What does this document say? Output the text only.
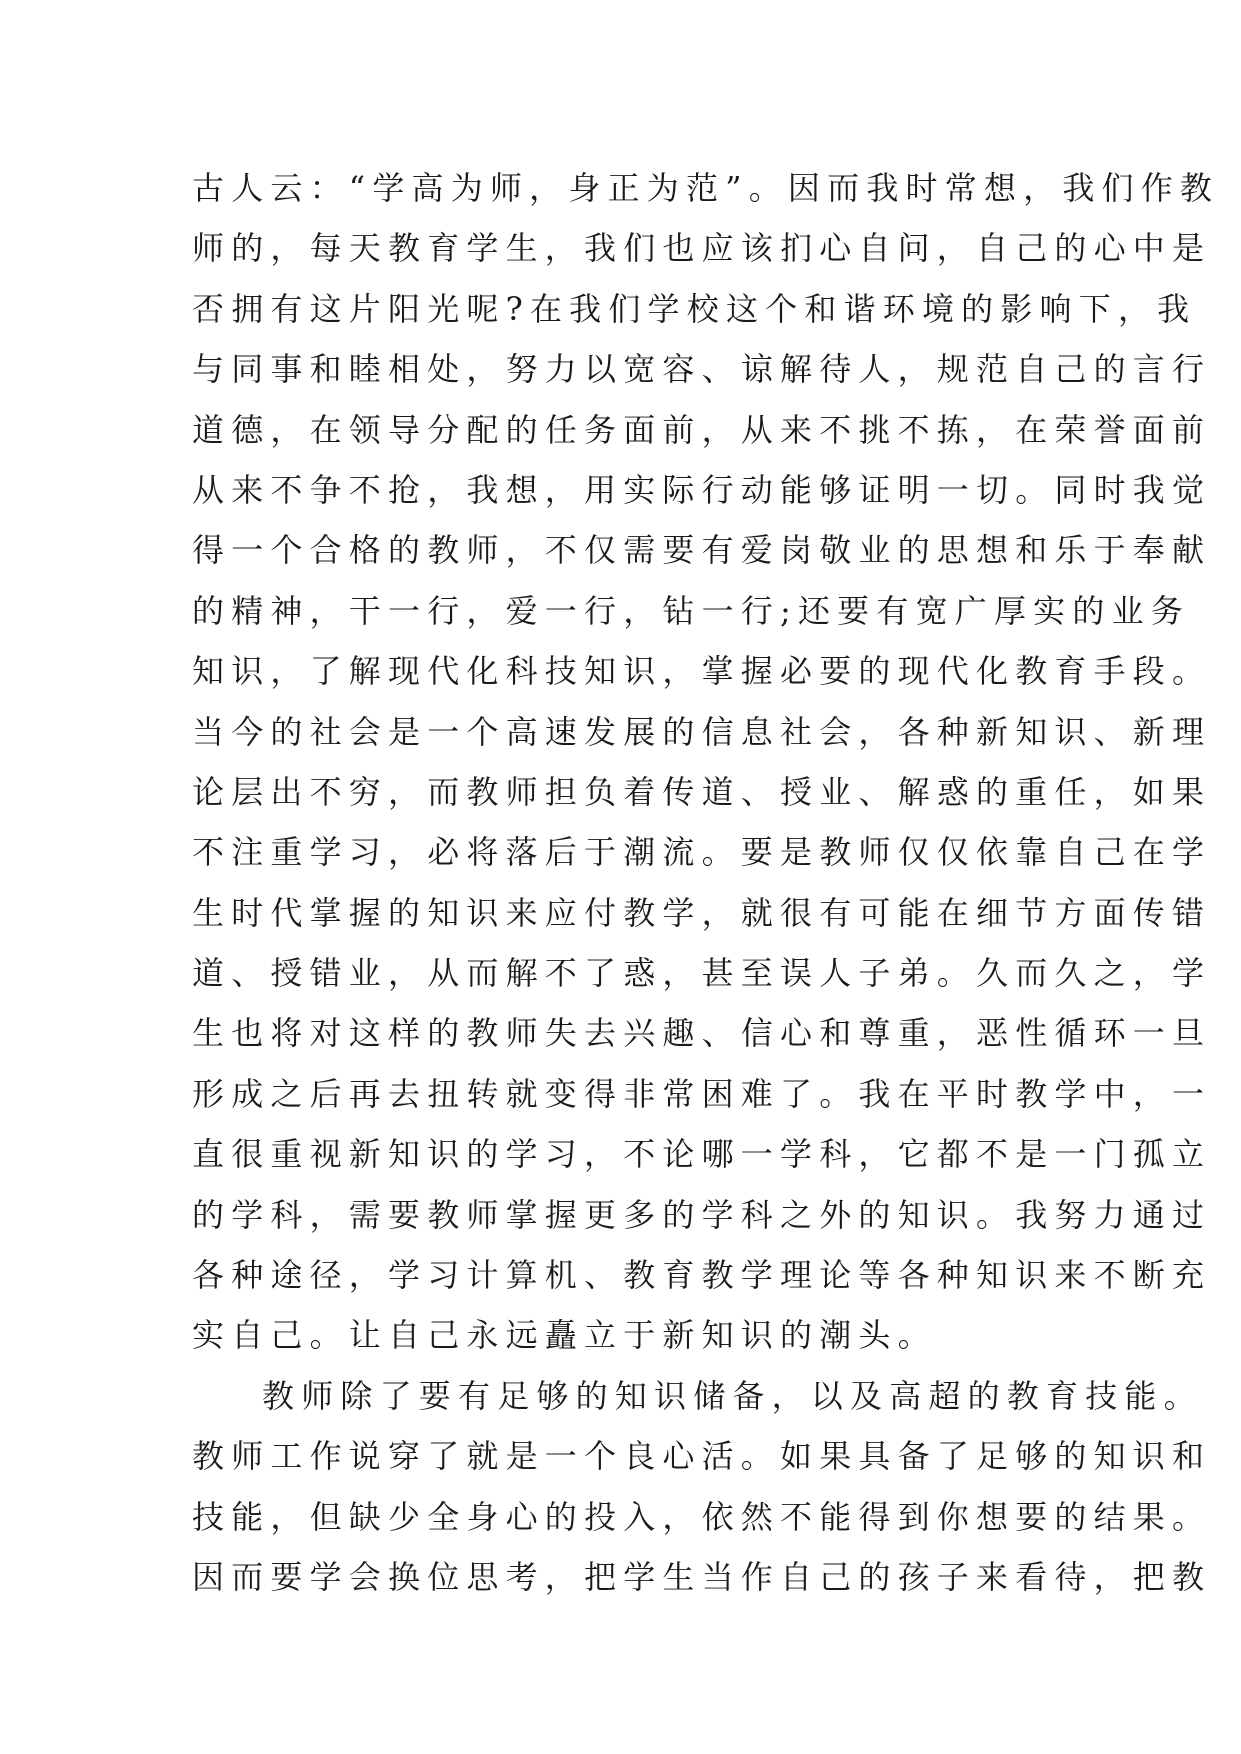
古人云：“学高为师，身正为范”。因而我时常想，我们作教
师的，每天教育学生，我们也应该扪心自问，自己的心中是
否拥有这片阳光呢?在我们学校这个和谐环境的影响下，我
与同事和睦相处，努力以宽容、谅解待人，规范自己的言行
道德，在领导分配的任务面前，从来不挑不拣，在荣誉面前
从来不争不抢，我想，用实际行动能够证明一切。同时我觉
得一个合格的教师，不仅需要有爱岗敬业的思想和乐于奉献
的精神，干一行，爱一行，钻一行;还要有宽广厚实的业务
知识，了解现代化科技知识，掌握必要的现代化教育手段。
当今的社会是一个高速发展的信息社会，各种新知识、新理
论层出不穷，而教师担负着传道、授业、解惑的重任，如果
不注重学习，必将落后于潮流。要是教师仅仅依靠自己在学
生时代掌握的知识来应付教学，就很有可能在细节方面传错
道、授错业，从而解不了惑，甚至误人子弟。久而久之，学
生也将对这样的教师失去兴趣、信心和尊重，恶性循环一旦
形成之后再去扭转就变得非常困难了。我在平时教学中，一
直很重视新知识的学习，不论哪一学科，它都不是一门孤立
的学科，需要教师掌握更多的学科之外的知识。我努力通过
各种途径，学习计算机、教育教学理论等各种知识来不断充
实自己。让自己永远矗立于新知识的潮头。
教师除了要有足够的知识储备，以及高超的教育技能。
教师工作说穿了就是一个良心活。如果具备了足够的知识和
技能，但缺少全身心的投入，依然不能得到你想要的结果。
因而要学会换位思考，把学生当作自己的孩子来看待，把教
